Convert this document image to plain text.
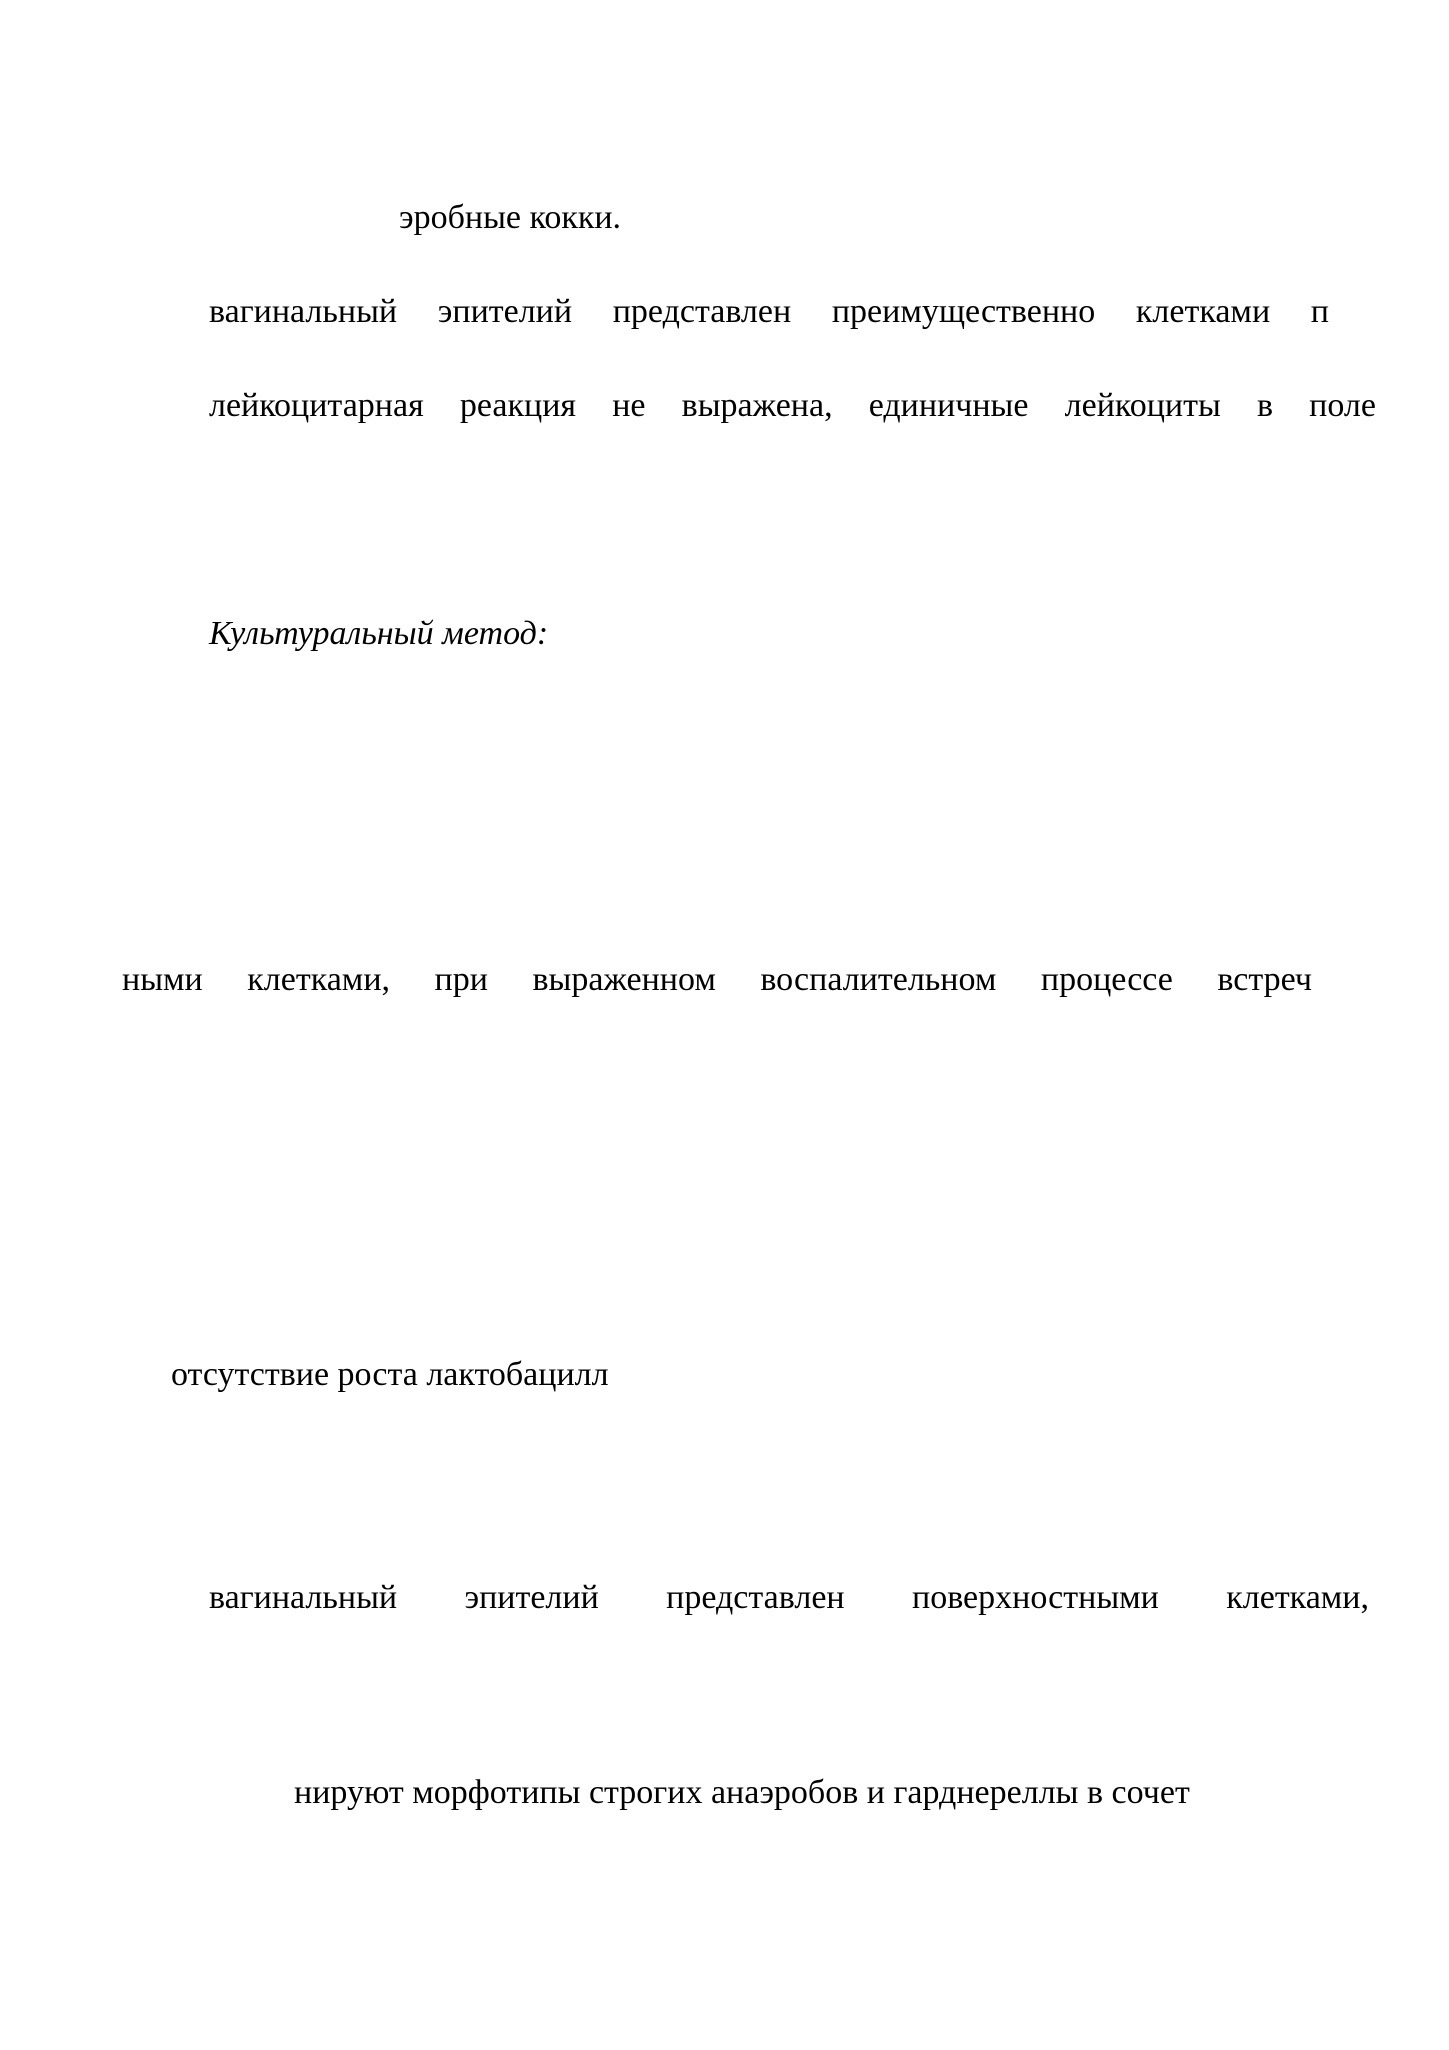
эробные кокки.
вагинальный эпителий представлен преимущественно клетками п
лейкоцитарная реакция не выражена, единичные лейкоциты в поле
Культуральный метод:
ными клетками, при выраженном воспалительном процессе встреч
отсутствие роста лактобацилл
вагинальный эпителий представлен поверхностными клетками,
нируют морфотипы строгих анаэробов и гарднереллы в сочет
